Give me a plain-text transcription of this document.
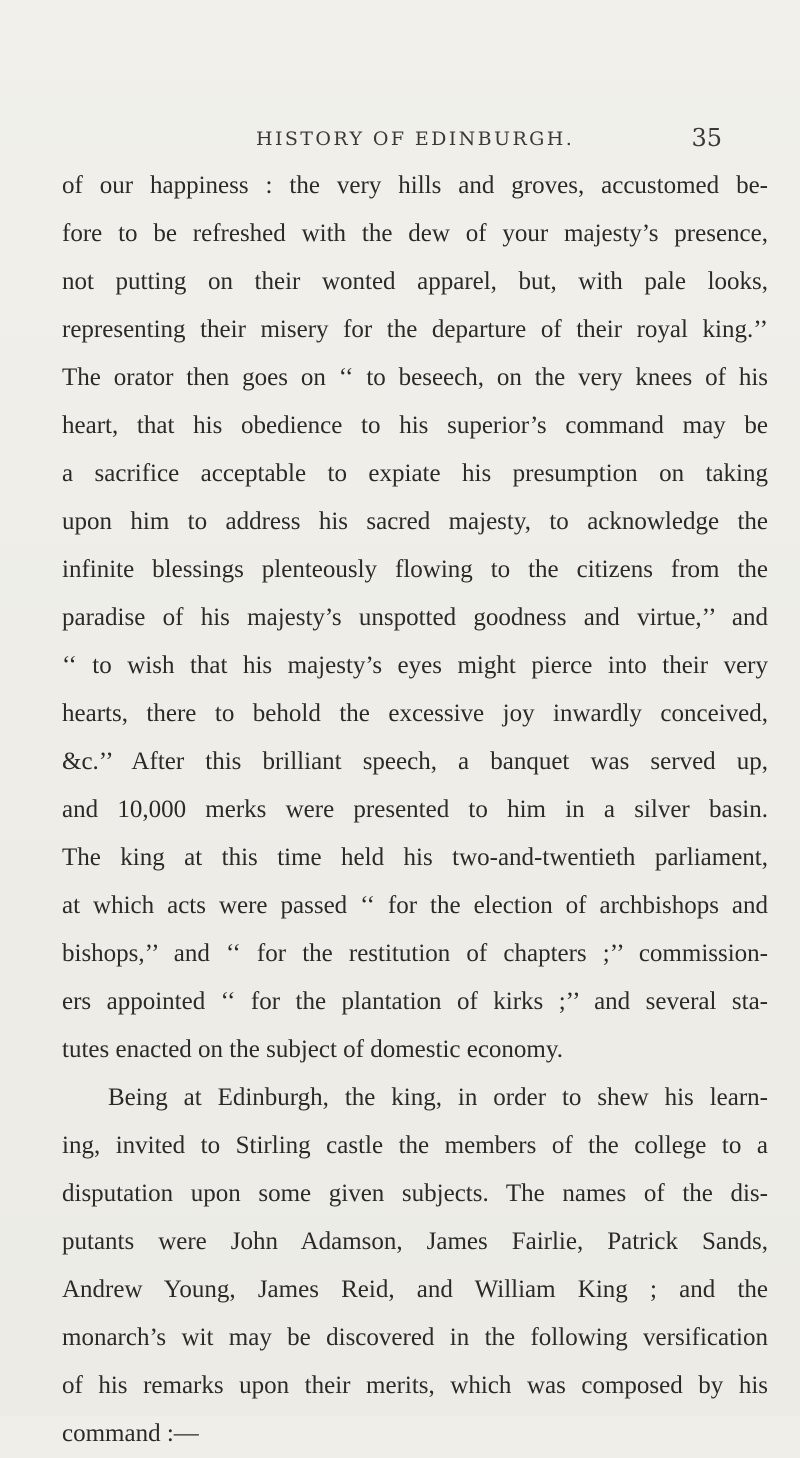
HISTORY OF EDINBURGH.	35
of our happiness : the very hills and groves, accustomed be-
fore to be refreshed with the dew of your majesty’s presence,
not putting on their wonted apparel, but, with pale looks,
representing their misery for the departure of their royal king.’’
The orator then goes on ‘‘ to beseech, on the very knees of his
heart, that his obedience to his superior’s command may be
a sacrifice acceptable to expiate his presumption on taking
upon him to address his sacred majesty, to acknowledge the
infinite blessings plenteously flowing to the citizens from the
paradise of his majesty’s unspotted goodness and virtue,’’ and
‘‘ to wish that his majesty’s eyes might pierce into their very
hearts, there to behold the excessive joy inwardly conceived,
&c.’’ After this brilliant speech, a banquet was served up,
and 10,000 merks were presented to him in a silver basin.
The king at this time held his two-and-twentieth parliament,
at which acts were passed ‘‘ for the election of archbishops and
bishops,’’ and ‘‘ for the restitution of chapters ;’’ commission-
ers appointed ‘‘ for the plantation of kirks ;’’ and several sta-
tutes enacted on the subject of domestic economy.
Being at Edinburgh, the king, in order to shew his learn-
ing, invited to Stirling castle the members of the college to a
disputation upon some given subjects. The names of the dis-
putants were John Adamson, James Fairlie, Patrick Sands,
Andrew Young, James Reid, and William King ; and the
monarch’s wit may be discovered in the following versification
of his remarks upon their merits, which was composed by his
command :—
